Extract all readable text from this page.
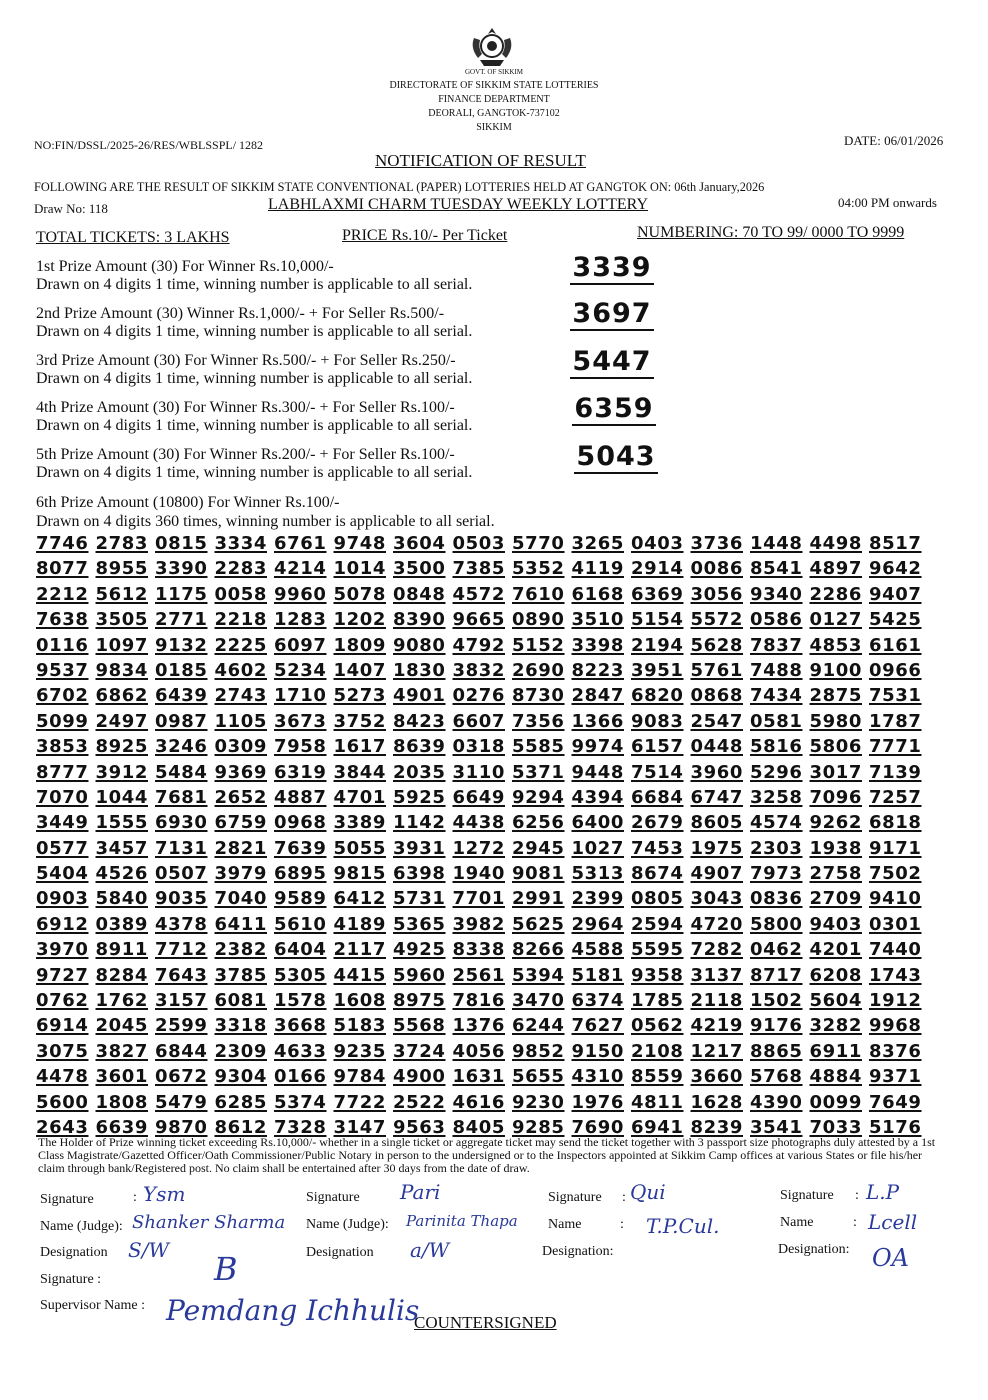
GOVT. OF SIKKIM
DIRECTORATE OF SIKKIM STATE LOTTERIES
FINANCE DEPARTMENT
DEORALI, GANGTOK-737102
SIKKIM
NO:FIN/DSSL/2025-26/RES/WBLSSPL/ 1282	DATE: 06/01/2026
NOTIFICATION OF RESULT
FOLLOWING ARE THE RESULT OF SIKKIM STATE CONVENTIONAL (PAPER) LOTTERIES HELD AT GANGTOK ON: 06th January,2026
Draw No: 118	LABHLAXMI CHARM TUESDAY WEEKLY LOTTERY	04:00 PM onwards
TOTAL TICKETS: 3 LAKHS	PRICE Rs.10/- Per Ticket	NUMBERING: 70 TO 99/ 0000 TO 9999
1st Prize Amount (30) For Winner Rs.10,000/-
Drawn on 4 digits 1 time, winning number is applicable to all serial.
3339
2nd Prize Amount (30) Winner Rs.1,000/- + For Seller Rs.500/-
Drawn on 4 digits 1 time, winning number is applicable to all serial.
3697
3rd Prize Amount (30) For Winner Rs.500/- + For Seller Rs.250/-
Drawn on 4 digits 1 time, winning number is applicable to all serial.
5447
4th Prize Amount (30) For Winner Rs.300/- + For Seller Rs.100/-
Drawn on 4 digits 1 time, winning number is applicable to all serial.
6359
5th Prize Amount (30) For Winner Rs.200/- + For Seller Rs.100/-
Drawn on 4 digits 1 time, winning number is applicable to all serial.
5043
6th Prize Amount (10800) For Winner Rs.100/-
Drawn on 4 digits 360 times, winning number is applicable to all serial.
7746 2783 0815 3334 6761 9748 3604 0503 5770 3265 0403 3736 1448 4498 8517
8077 8955 3390 2283 4214 1014 3500 7385 5352 4119 2914 0086 8541 4897 9642
2212 5612 1175 0058 9960 5078 0848 4572 7610 6168 6369 3056 9340 2286 9407
7638 3505 2771 2218 1283 1202 8390 9665 0890 3510 5154 5572 0586 0127 5425
0116 1097 9132 2225 6097 1809 9080 4792 5152 3398 2194 5628 7837 4853 6161
9537 9834 0185 4602 5234 1407 1830 3832 2690 8223 3951 5761 7488 9100 0966
6702 6862 6439 2743 1710 5273 4901 0276 8730 2847 6820 0868 7434 2875 7531
5099 2497 0987 1105 3673 3752 8423 6607 7356 1366 9083 2547 0581 5980 1787
3853 8925 3246 0309 7958 1617 8639 0318 5585 9974 6157 0448 5816 5806 7771
8777 3912 5484 9369 6319 3844 2035 3110 5371 9448 7514 3960 5296 3017 7139
7070 1044 7681 2652 4887 4701 5925 6649 9294 4394 6684 6747 3258 7096 7257
3449 1555 6930 6759 0968 3389 1142 4438 6256 6400 2679 8605 4574 9262 6818
0577 3457 7131 2821 7639 5055 3931 1272 2945 1027 7453 1975 2303 1938 9171
5404 4526 0507 3979 6895 9815 6398 1940 9081 5313 8674 4907 7973 2758 7502
0903 5840 9035 7040 9589 6412 5731 7701 2991 2399 0805 3043 0836 2709 9410
6912 0389 4378 6411 5610 4189 5365 3982 5625 2964 2594 4720 5800 9403 0301
3970 8911 7712 2382 6404 2117 4925 8338 8266 4588 5595 7282 0462 4201 7440
9727 8284 7643 3785 5305 4415 5960 2561 5394 5181 9358 3137 8717 6208 1743
0762 1762 3157 6081 1578 1608 8975 7816 3470 6374 1785 2118 1502 5604 1912
6914 2045 2599 3318 3668 5183 5568 1376 6244 7627 0562 4219 9176 3282 9968
3075 3827 6844 2309 4633 9235 3724 4056 9852 9150 2108 1217 8865 6911 8376
4478 3601 0672 9304 0166 9784 4900 1631 5655 4310 8559 3660 5768 4884 9371
5600 1808 5479 6285 5374 7722 2522 4616 9230 1976 4811 1628 4390 0099 7649
2643 6639 9870 8612 7328 3147 9563 8405 9285 7690 6941 8239 3541 7033 5176
The Holder of Prize winning ticket exceeding Rs.10,000/- whether in a single ticket or aggregate ticket may send the ticket together with 3 passport size photographs duly attested by a 1st Class Magistrate/Gazetted Officer/Oath Commissioner/Public Notary in person to the undersigned or to the Inspectors appointed at Sikkim Camp offices at various States or file his/her claim through bank/Registered post. No claim shall be entertained after 30 days from the date of draw.
Signature	: Ysm
Name (Judge): Shanker Sharma
Designation S/W
Signature Pari
Name (Judge): Parinita Thapa
Designation a/W
Signature : Qui
Name	: T.P.Cul.
Designation:
Signature : L.P
Name	: Lcell
Designation: OA
Signature :
Supervisor Name :
B
Pemdang Ichhulis
COUNTERSIGNED
